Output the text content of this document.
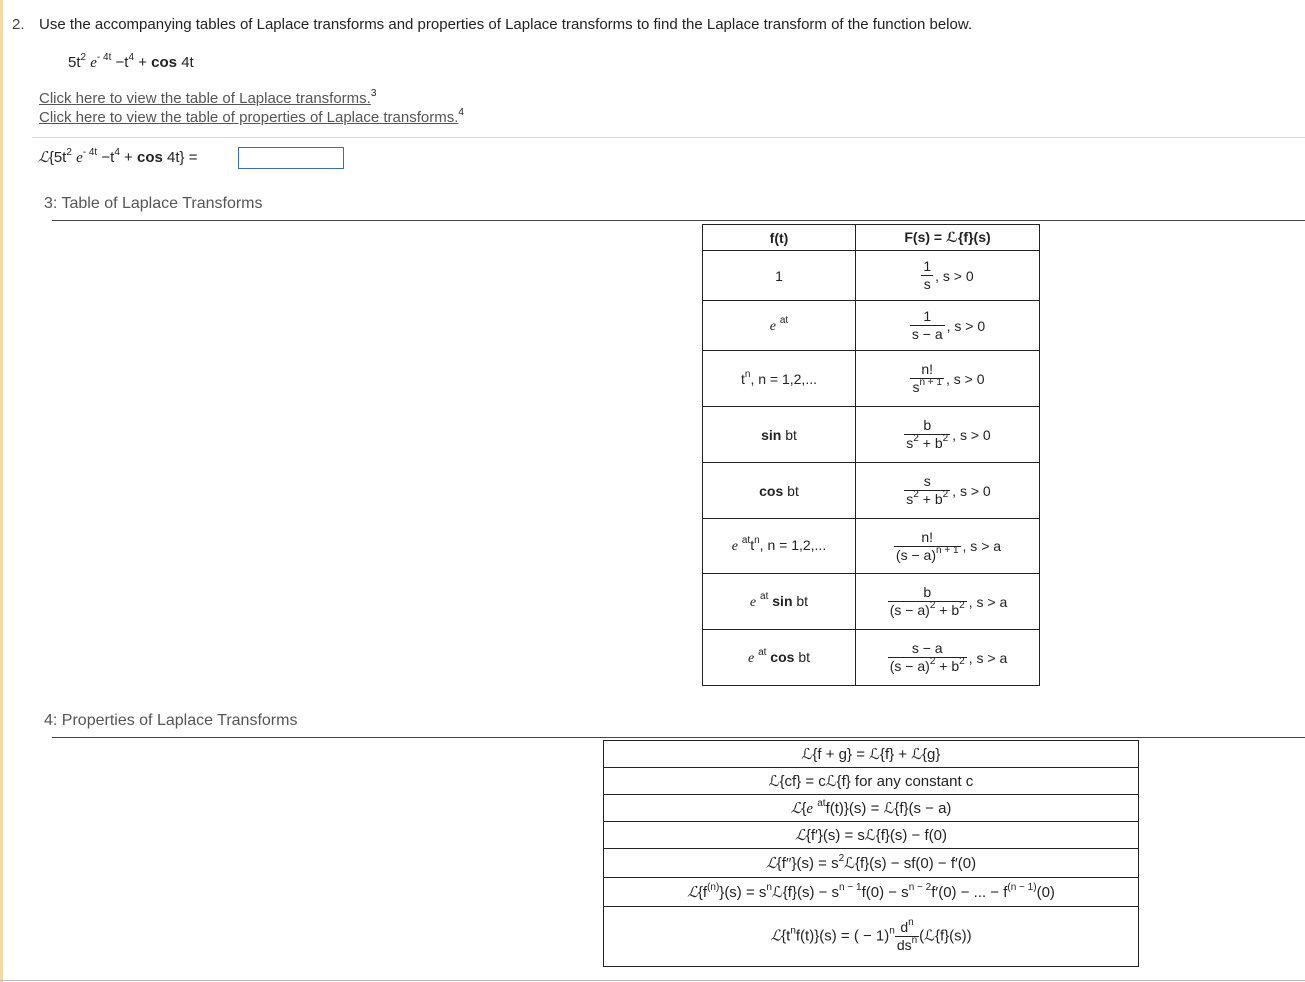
2. Use the accompanying tables of Laplace transforms and properties of Laplace transforms to find the Laplace transform of the function below.
$5t^2$ $e^{- 4t} -t^4 + \cos 4t$
Click here to view the table of Laplace transforms.$^3$
Click here to view the table of properties of Laplace transforms.$^4$
$ℒ\{5t^2$ $e^{- 4t} -t^4 + \cos 4t$} =
3: Table of Laplace Transforms
f(t)	F(s) = ℒ{f}(s)
1	$\frac{1}{s}$ , s > 0
e $^{at}$	$\frac{1}{s - a}$ , s > 0
$t^n$, n = 1,2,...	$\frac{n!}{s^{n + 1}}$ , s > 0
sin bt	$\frac{b}{s^2 + b^2}$ , s > 0
cos bt	$\frac{s}{s^2 + b^2}$ , s > 0
e $^{at}t^n$, n = 1,2,...	$\frac{n!}{(s - a)^{n + 1}}$ , s > a
e $^{at}$ sin bt	$\frac{b}{(s - a)^2 + b^2}$ , s > a
e $^{at}$ cos bt	$\frac{s - a}{(s - a)^2 + b^2}$ , s > a
4: Properties of Laplace Transforms
ℒ{f + g} = ℒ{f} + ℒ{g}
ℒ{cf} = cℒ{f} for any constant c
ℒ{e $^{at}$f(t)}(s) = ℒ{f}(s − a)
ℒ{f′}(s) = sℒ{f}(s) − f(0)
ℒ{f′′}(s) = $s^2ℒ\{f\}(s) - sf(0) - f'(0)$
$ℒ\{f^{(n)}\}(s)$ = $s^nℒ\{f\}(s) - s^{n - 1}f(0) - s^{n - 2}f'(0)$ − ... − $f^{(n - 1)}(0)$
$ℒ\{t^nf(t)\}(s)$ = ( − $1)^n \frac{d^n}{ds^n}$ (ℒ{f}(s))
